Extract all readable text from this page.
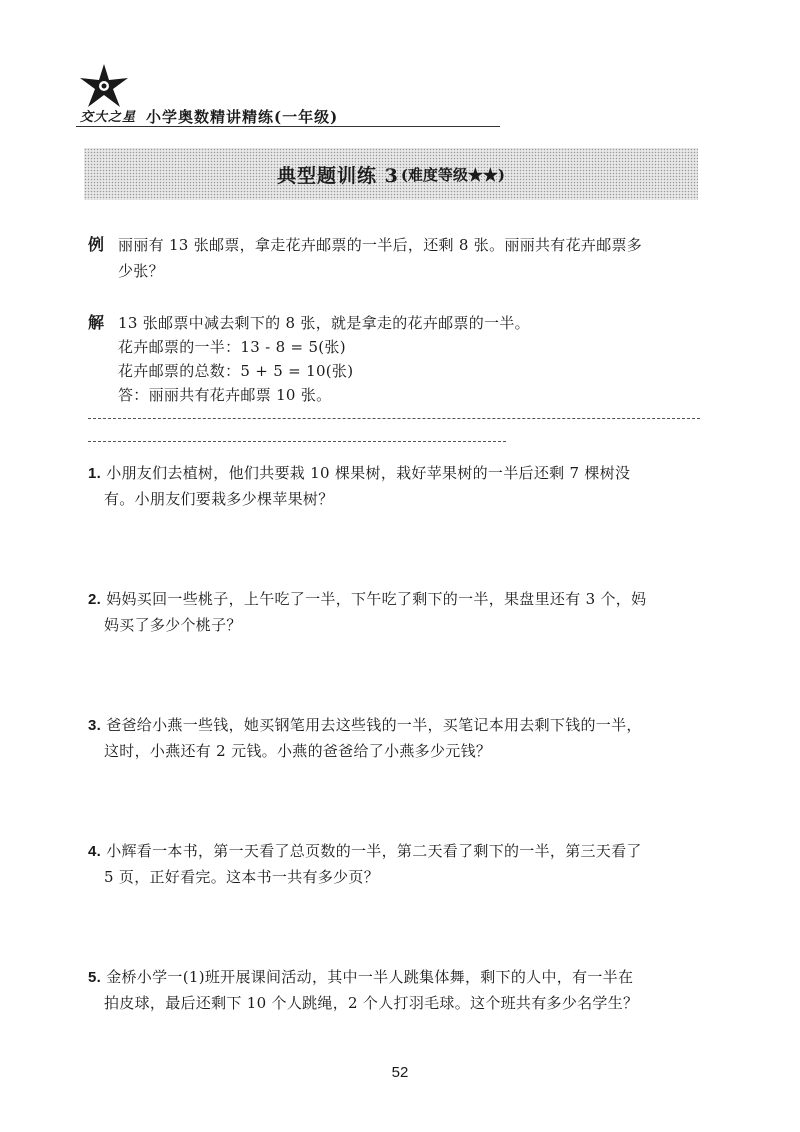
交大之星 小学奥数精讲精练(一年级)
典型题训练 3 (难度等级★★)
例 丽丽有 13 张邮票，拿走花卉邮票的一半后，还剩 8 张。丽丽共有花卉邮票多
少张？
解 13 张邮票中减去剩下的 8 张，就是拿走的花卉邮票的一半。
花卉邮票的一半：13 - 8 = 5(张)
花卉邮票的总数：5 + 5 = 10(张)
答：丽丽共有花卉邮票 10 张。
1. 小朋友们去植树，他们共要栽 10 棵果树，栽好苹果树的一半后还剩 7 棵树没
有。小朋友们要栽多少棵苹果树？
2. 妈妈买回一些桃子，上午吃了一半，下午吃了剩下的一半，果盘里还有 3 个，妈
妈买了多少个桃子？
3. 爸爸给小燕一些钱，她买钢笔用去这些钱的一半，买笔记本用去剩下钱的一半，
这时，小燕还有 2 元钱。小燕的爸爸给了小燕多少元钱？
4. 小辉看一本书，第一天看了总页数的一半，第二天看了剩下的一半，第三天看了
5 页，正好看完。这本书一共有多少页？
5. 金桥小学一(1)班开展课间活动，其中一半人跳集体舞，剩下的人中，有一半在
拍皮球，最后还剩下 10 个人跳绳，2 个人打羽毛球。这个班共有多少名学生？
52
